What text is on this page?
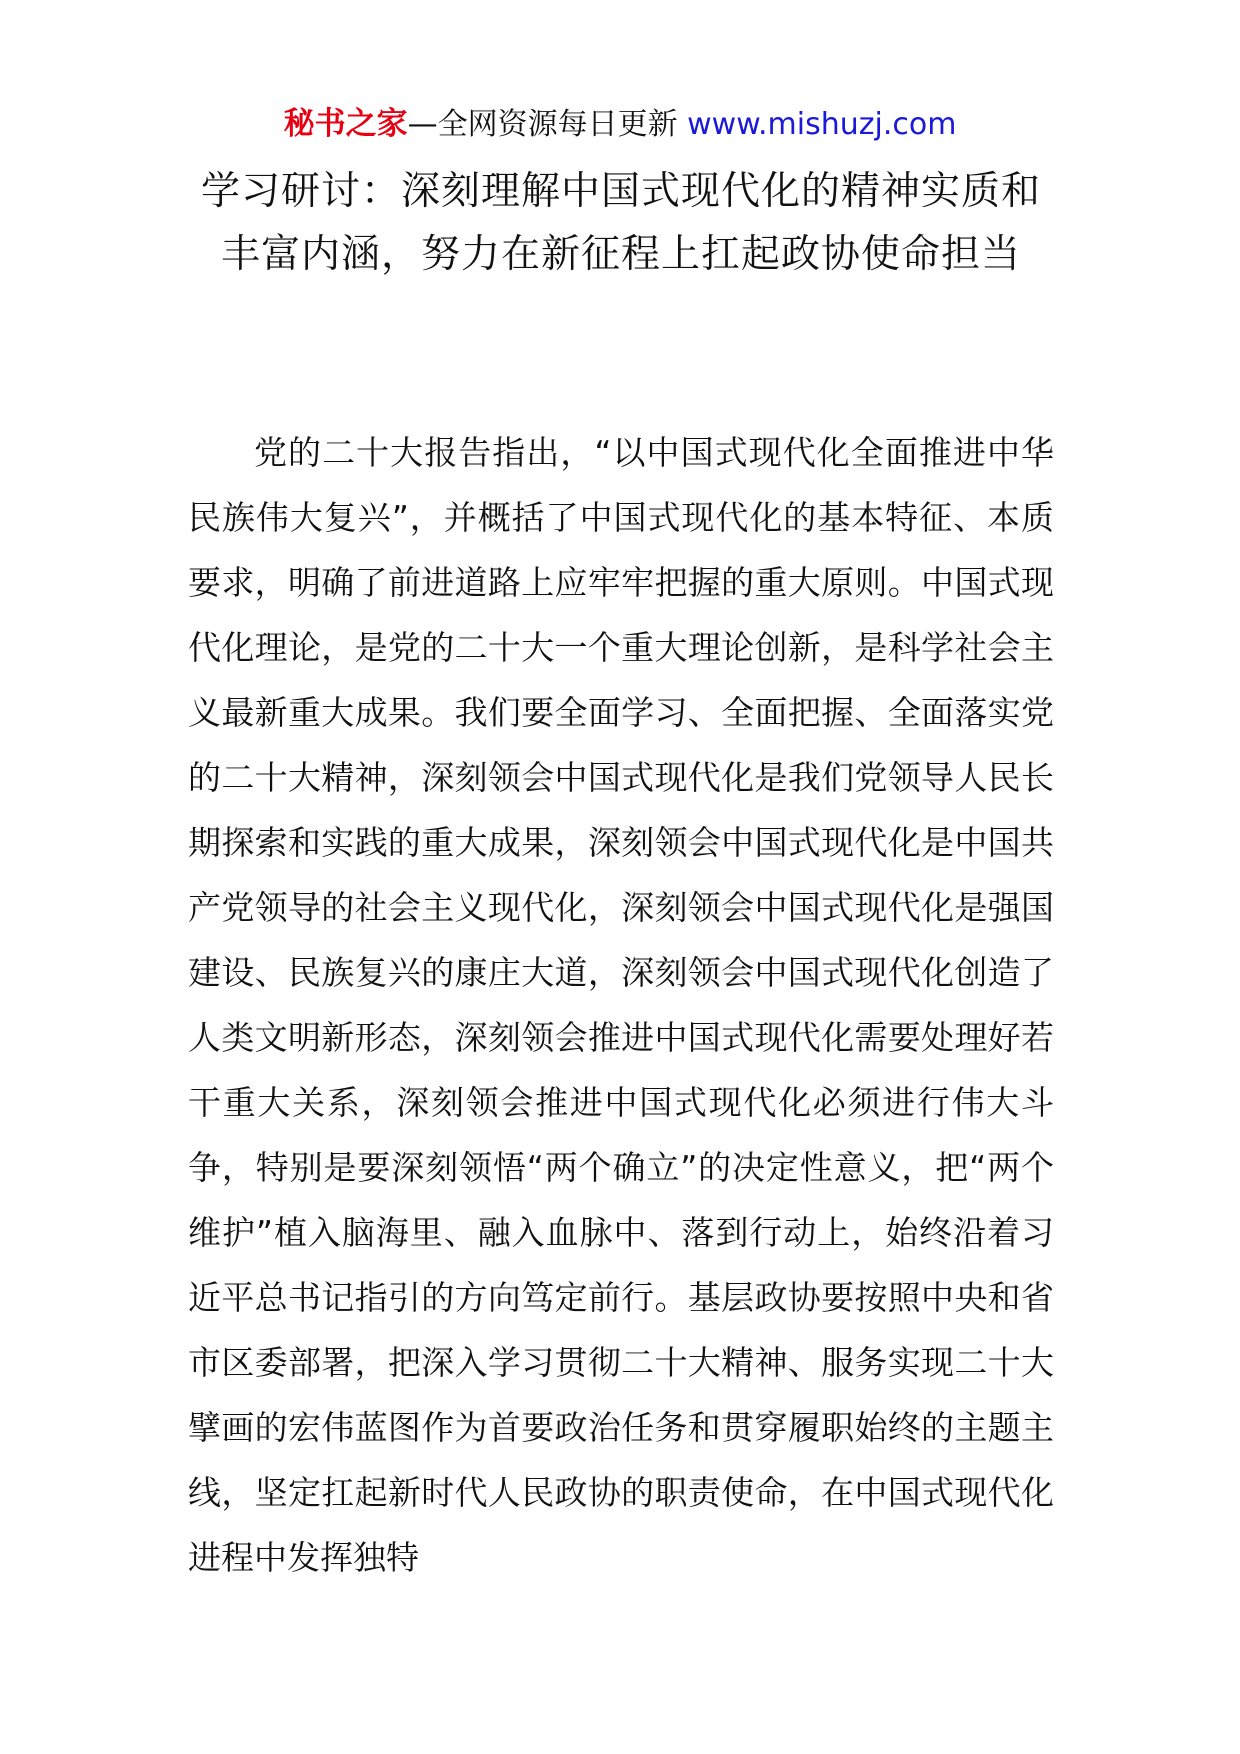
秘书之家—全网资源每日更新 www.mishuzj.com
学习研讨：深刻理解中国式现代化的精神实质和丰富内涵，努力在新征程上扛起政协使命担当

党的二十大报告指出，“以中国式现代化全面推进中华民族伟大复兴”，并概括了中国式现代化的基本特征、本质要求，明确了前进道路上应牢牢把握的重大原则。中国式现代化理论，是党的二十大一个重大理论创新，是科学社会主义最新重大成果。我们要全面学习、全面把握、全面落实党的二十大精神，深刻领会中国式现代化是我们党领导人民长期探索和实践的重大成果，深刻领会中国式现代化是中国共产党领导的社会主义现代化，深刻领会中国式现代化是强国建设、民族复兴的康庄大道，深刻领会中国式现代化创造了人类文明新形态，深刻领会推进中国式现代化需要处理好若干重大关系，深刻领会推进中国式现代化必须进行伟大斗争，特别是要深刻领悟“两个确立”的决定性意义，把“两个维护”植入脑海里、融入血脉中、落到行动上，始终沿着习近平总书记指引的方向笃定前行。基层政协要按照中央和省市区委部署，把深入学习贯彻二十大精神、服务实现二十大擘画的宏伟蓝图作为首要政治任务和贯穿履职始终的主题主线，坚定扛起新时代人民政协的职责使命，在中国式现代化进程中发挥独特
